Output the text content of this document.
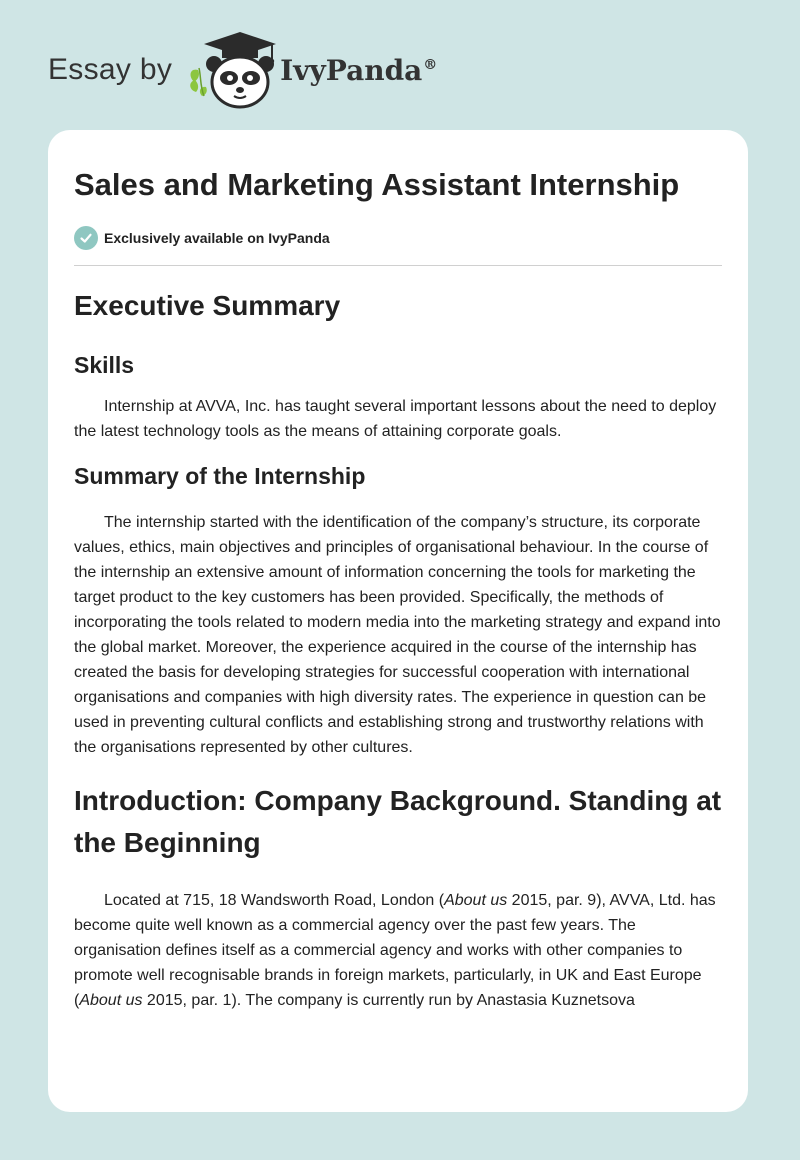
Essay by	IvyPanda®
Sales and Marketing Assistant Internship
Exclusively available on IvyPanda
Executive Summary
Skills

Internship at AVVA, Inc. has taught several important lessons about the need to deploy the latest technology tools as the means of attaining corporate goals.

Summary of the Internship

The internship started with the identification of the company’s structure, its corporate values, ethics, main objectives and principles of organisational behaviour. In the course of the internship an extensive amount of information concerning the tools for marketing the target product to the key customers has been provided. Specifically, the methods of incorporating the tools related to modern media into the marketing strategy and expand into the global market. Moreover, the experience acquired in the course of the internship has created the basis for developing strategies for successful cooperation with international organisations and companies with high diversity rates. The experience in question can be used in preventing cultural conflicts and establishing strong and trustworthy relations with the organisations represented by other cultures.

Introduction: Company Background. Standing at the Beginning

Located at 715, 18 Wandsworth Road, London (About us 2015, par. 9), AVVA, Ltd. has become quite well known as a commercial agency over the past few years. The organisation defines itself as a commercial agency and works with other companies to promote well recognisable brands in foreign markets, particularly, in UK and East Europe (About us 2015, par. 1). The company is currently run by Anastasia Kuznetsova
